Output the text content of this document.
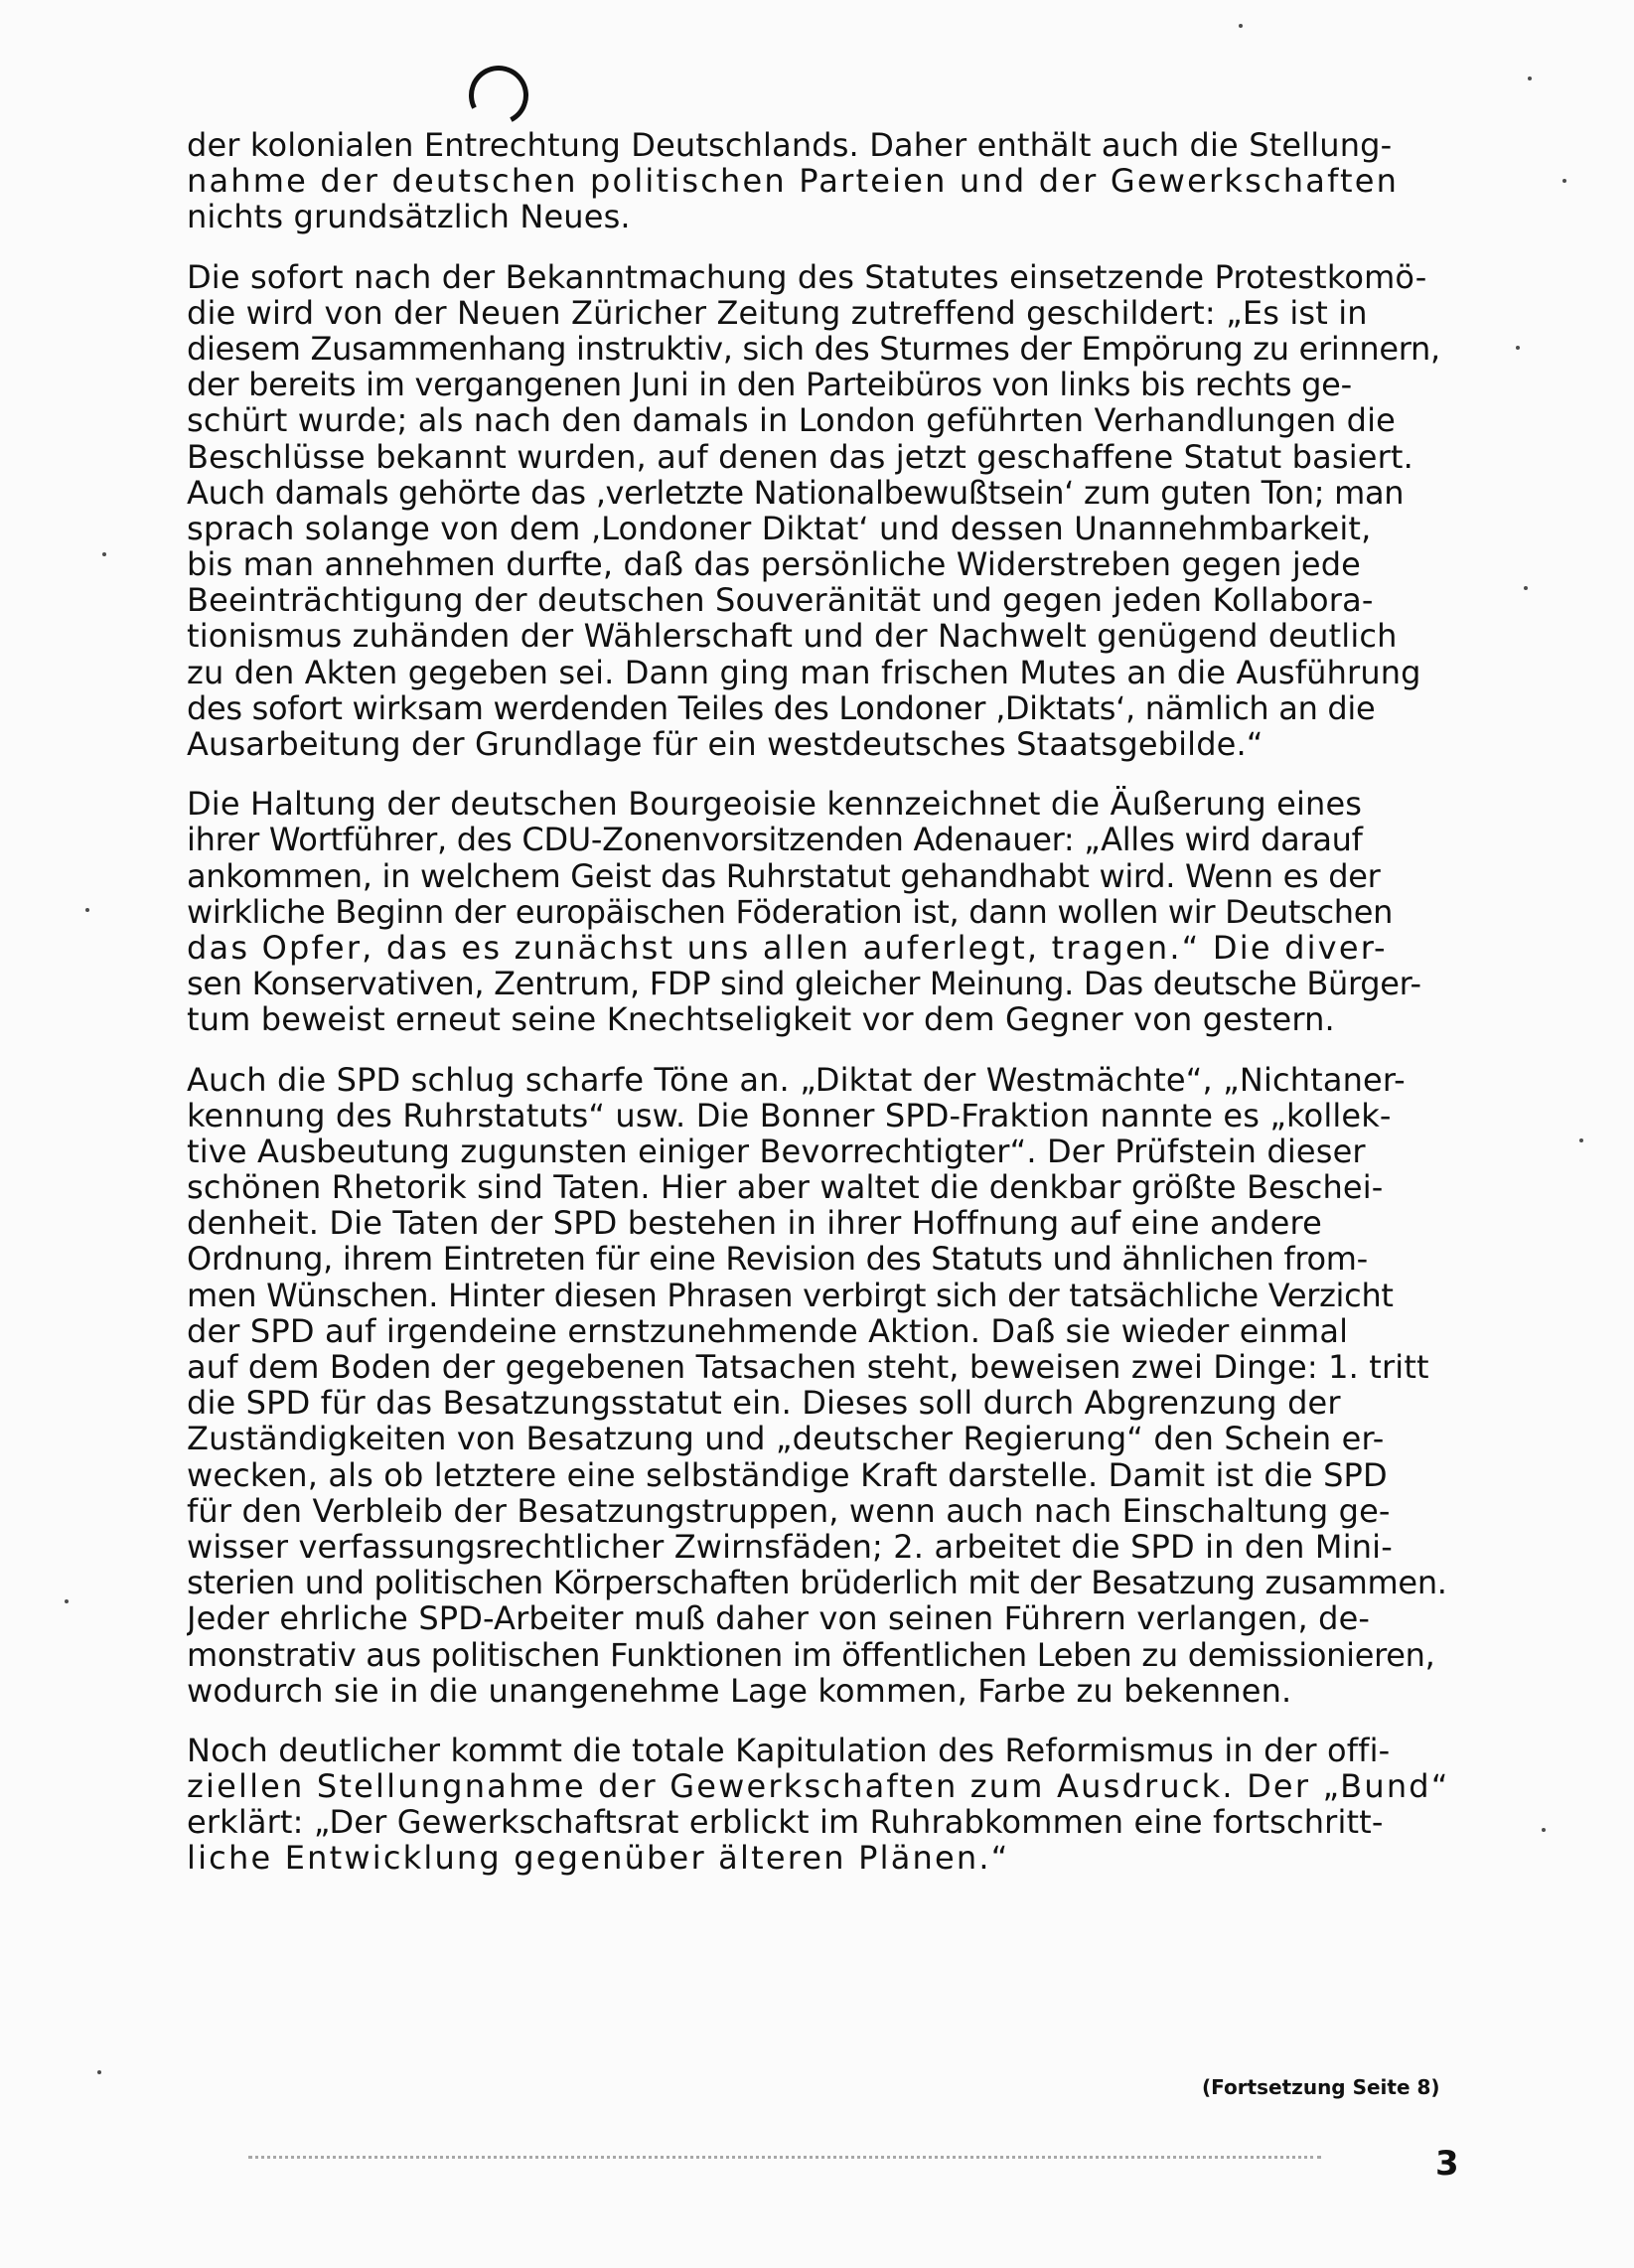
der kolonialen Entrechtung Deutschlands. Daher enthält auch die Stellung-
nahme der deutschen politischen Parteien und der Gewerkschaften
nichts grundsätzlich Neues.
Die sofort nach der Bekanntmachung des Statutes einsetzende Protestkomö-
die wird von der Neuen Züricher Zeitung zutreffend geschildert: „Es ist in
diesem Zusammenhang instruktiv, sich des Sturmes der Empörung zu erinnern,
der bereits im vergangenen Juni in den Parteibüros von links bis rechts ge-
schürt wurde; als nach den damals in London geführten Verhandlungen die
Beschlüsse bekannt wurden, auf denen das jetzt geschaffene Statut basiert.
Auch damals gehörte das ‚verletzte Nationalbewußtsein‘ zum guten Ton; man
sprach solange von dem ‚Londoner Diktat‘ und dessen Unannehmbarkeit,
bis man annehmen durfte, daß das persönliche Widerstreben gegen jede
Beeinträchtigung der deutschen Souveränität und gegen jeden Kollabora-
tionismus zuhänden der Wählerschaft und der Nachwelt genügend deutlich
zu den Akten gegeben sei. Dann ging man frischen Mutes an die Ausführung
des sofort wirksam werdenden Teiles des Londoner ‚Diktats‘, nämlich an die
Ausarbeitung der Grundlage für ein westdeutsches Staatsgebilde.“
Die Haltung der deutschen Bourgeoisie kennzeichnet die Äußerung eines
ihrer Wortführer, des CDU-Zonenvorsitzenden Adenauer: „Alles wird darauf
ankommen, in welchem Geist das Ruhrstatut gehandhabt wird. Wenn es der
wirkliche Beginn der europäischen Föderation ist, dann wollen wir Deutschen
das Opfer, das es zunächst uns allen auferlegt, tragen.“ Die diver-
sen Konservativen, Zentrum, FDP sind gleicher Meinung. Das deutsche Bürger-
tum beweist erneut seine Knechtseligkeit vor dem Gegner von gestern.
Auch die SPD schlug scharfe Töne an. „Diktat der Westmächte“, „Nichtaner-
kennung des Ruhrstatuts“ usw. Die Bonner SPD-Fraktion nannte es „kollek-
tive Ausbeutung zugunsten einiger Bevorrechtigter“. Der Prüfstein dieser
schönen Rhetorik sind Taten. Hier aber waltet die denkbar größte Beschei-
denheit. Die Taten der SPD bestehen in ihrer Hoffnung auf eine andere
Ordnung, ihrem Eintreten für eine Revision des Statuts und ähnlichen from-
men Wünschen. Hinter diesen Phrasen verbirgt sich der tatsächliche Verzicht
der SPD auf irgendeine ernstzunehmende Aktion. Daß sie wieder einmal
auf dem Boden der gegebenen Tatsachen steht, beweisen zwei Dinge: 1. tritt
die SPD für das Besatzungsstatut ein. Dieses soll durch Abgrenzung der
Zuständigkeiten von Besatzung und „deutscher Regierung“ den Schein er-
wecken, als ob letztere eine selbständige Kraft darstelle. Damit ist die SPD
für den Verbleib der Besatzungstruppen, wenn auch nach Einschaltung ge-
wisser verfassungsrechtlicher Zwirnsfäden; 2. arbeitet die SPD in den Mini-
sterien und politischen Körperschaften brüderlich mit der Besatzung zusammen.
Jeder ehrliche SPD-Arbeiter muß daher von seinen Führern verlangen, de-
monstrativ aus politischen Funktionen im öffentlichen Leben zu demissionieren,
wodurch sie in die unangenehme Lage kommen, Farbe zu bekennen.
Noch deutlicher kommt die totale Kapitulation des Reformismus in der offi-
ziellen Stellungnahme der Gewerkschaften zum Ausdruck. Der „Bund“
erklärt: „Der Gewerkschaftsrat erblickt im Ruhrabkommen eine fortschritt-
liche Entwicklung gegenüber älteren Plänen.“
(Fortsetzung Seite 8)
3
